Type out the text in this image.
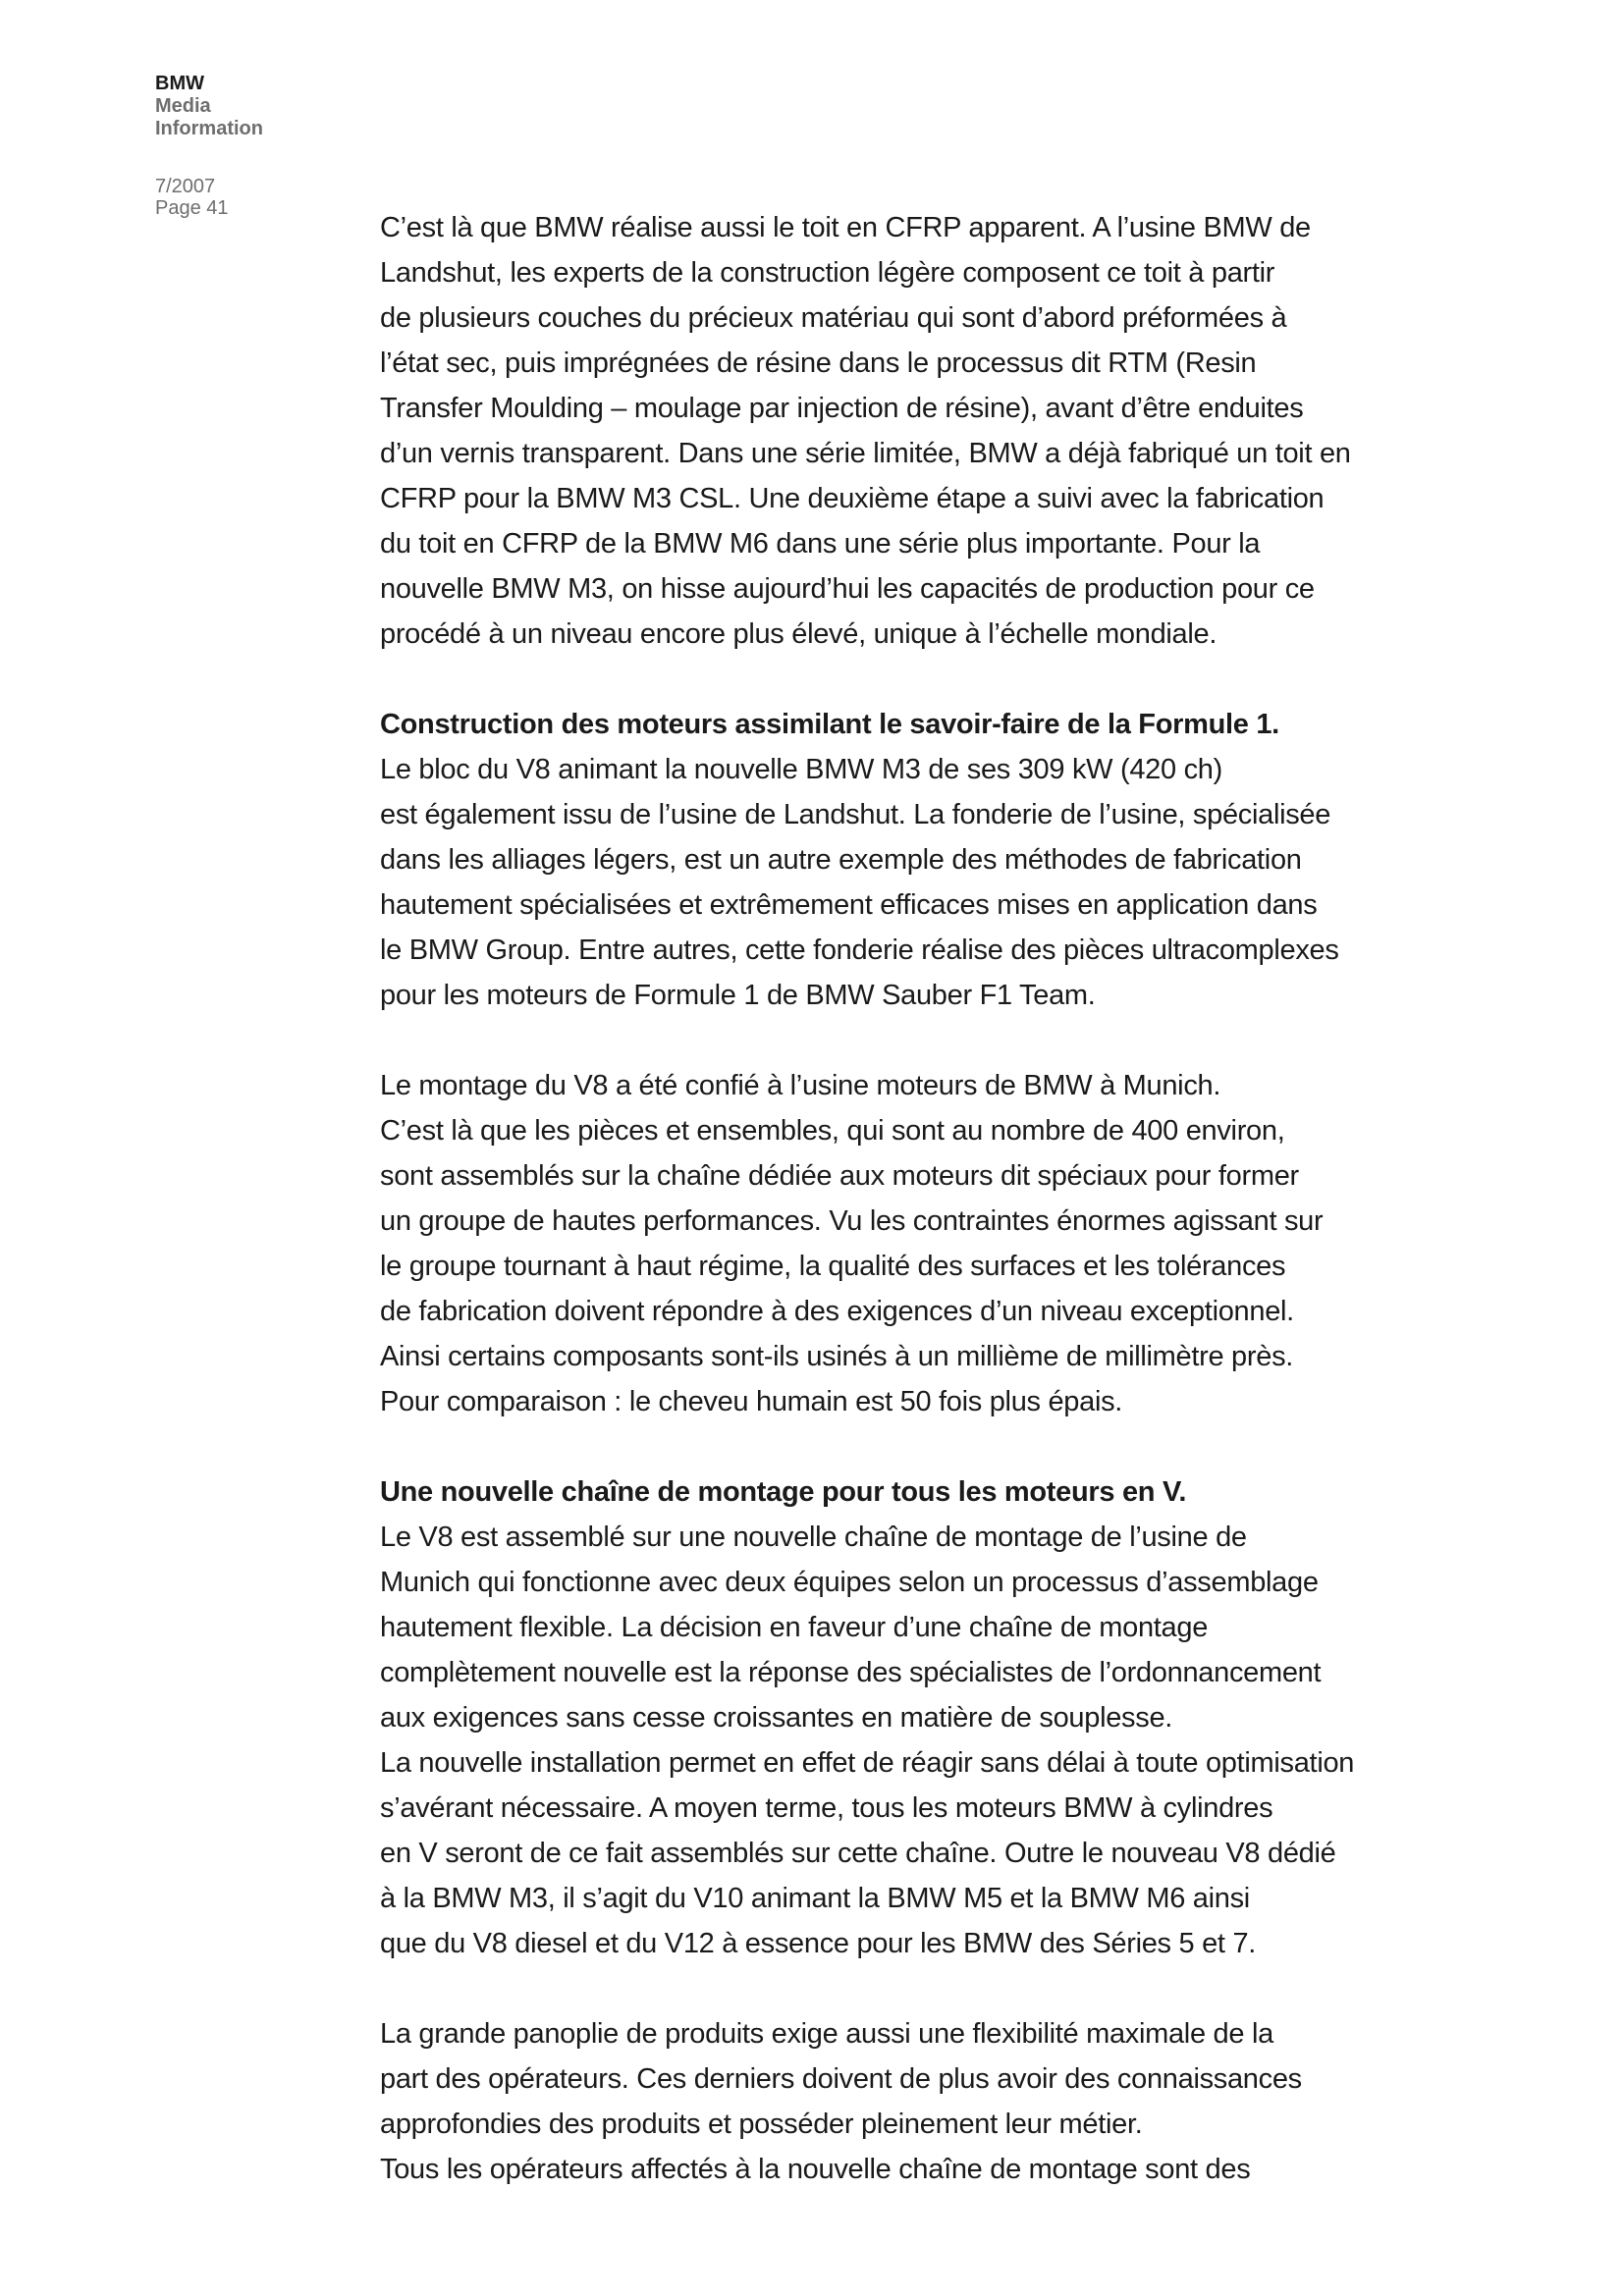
BMW
Media
Information
7/2007
Page 41
C’est là que BMW réalise aussi le toit en CFRP apparent. A l’usine BMW de
Landshut, les experts de la construction légère composent ce toit à partir
de plusieurs couches du précieux matériau qui sont d’abord préformées à
l’état sec, puis imprégnées de résine dans le processus dit RTM (Resin
Transfer Moulding – moulage par injection de résine), avant d’être enduites
d’un vernis transparent. Dans une série limitée, BMW a déjà fabriqué un toit en
CFRP pour la BMW M3 CSL. Une deuxième étape a suivi avec la fabrication
du toit en CFRP de la BMW M6 dans une série plus importante. Pour la
nouvelle BMW M3, on hisse aujourd’hui les capacités de production pour ce
procédé à un niveau encore plus élevé, unique à l’échelle mondiale.
Construction des moteurs assimilant le savoir-faire de la Formule 1.
Le bloc du V8 animant la nouvelle BMW M3 de ses 309 kW (420 ch)
est également issu de l’usine de Landshut. La fonderie de l’usine, spécialisée
dans les alliages légers, est un autre exemple des méthodes de fabrication
hautement spécialisées et extrêmement efficaces mises en application dans
le BMW Group. Entre autres, cette fonderie réalise des pièces ultracomplexes
pour les moteurs de Formule 1 de BMW Sauber F1 Team.
Le montage du V8 a été confié à l’usine moteurs de BMW à Munich.
C’est là que les pièces et ensembles, qui sont au nombre de 400 environ,
sont assemblés sur la chaîne dédiée aux moteurs dit spéciaux pour former
un groupe de hautes performances. Vu les contraintes énormes agissant sur
le groupe tournant à haut régime, la qualité des surfaces et les tolérances
de fabrication doivent répondre à des exigences d’un niveau exceptionnel.
Ainsi certains composants sont-ils usinés à un millième de millimètre près.
Pour comparaison : le cheveu humain est 50 fois plus épais.
Une nouvelle chaîne de montage pour tous les moteurs en V.
Le V8 est assemblé sur une nouvelle chaîne de montage de l’usine de
Munich qui fonctionne avec deux équipes selon un processus d’assemblage
hautement flexible. La décision en faveur d’une chaîne de montage
complètement nouvelle est la réponse des spécialistes de l’ordonnancement
aux exigences sans cesse croissantes en matière de souplesse.
La nouvelle installation permet en effet de réagir sans délai à toute optimisation
s’avérant nécessaire. A moyen terme, tous les moteurs BMW à cylindres
en V seront de ce fait assemblés sur cette chaîne. Outre le nouveau V8 dédié
à la BMW M3, il s’agit du V10 animant la BMW M5 et la BMW M6 ainsi
que du V8 diesel et du V12 à essence pour les BMW des Séries 5 et 7.
La grande panoplie de produits exige aussi une flexibilité maximale de la
part des opérateurs. Ces derniers doivent de plus avoir des connaissances
approfondies des produits et posséder pleinement leur métier.
Tous les opérateurs affectés à la nouvelle chaîne de montage sont des
